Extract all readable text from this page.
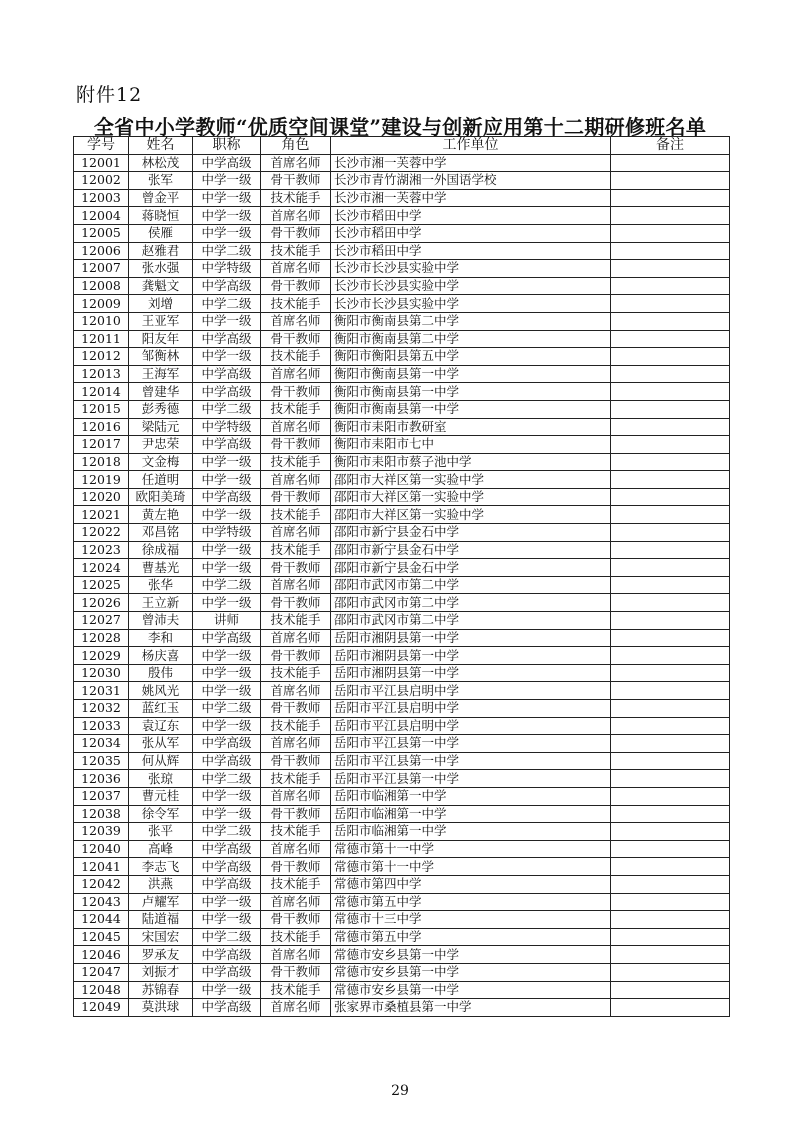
附件12
全省中小学教师“优质空间课堂”建设与创新应用第十二期研修班名单
学号	姓名	职称	角色	工作单位	备注
12001	林松茂	中学高级	首席名师	长沙市湘一芙蓉中学	
12002	张军	中学一级	骨干教师	长沙市青竹湖湘一外国语学校	
12003	曾金平	中学一级	技术能手	长沙市湘一芙蓉中学	
12004	蒋晓恒	中学一级	首席名师	长沙市稻田中学	
12005	侯雁	中学一级	骨干教师	长沙市稻田中学	
12006	赵雅君	中学二级	技术能手	长沙市稻田中学	
12007	张水强	中学特级	首席名师	长沙市长沙县实验中学	
12008	龚魁文	中学高级	骨干教师	长沙市长沙县实验中学	
12009	刘增	中学二级	技术能手	长沙市长沙县实验中学	
12010	王亚军	中学一级	首席名师	衡阳市衡南县第二中学	
12011	阳友年	中学高级	骨干教师	衡阳市衡南县第二中学	
12012	邹衡林	中学一级	技术能手	衡阳市衡阳县第五中学	
12013	王海军	中学高级	首席名师	衡阳市衡南县第一中学	
12014	曾建华	中学高级	骨干教师	衡阳市衡南县第一中学	
12015	彭秀德	中学二级	技术能手	衡阳市衡南县第一中学	
12016	梁陆元	中学特级	首席名师	衡阳市耒阳市教研室	
12017	尹忠荣	中学高级	骨干教师	衡阳市耒阳市七中	
12018	文金梅	中学一级	技术能手	衡阳市耒阳市蔡子池中学	
12019	任道明	中学一级	首席名师	邵阳市大祥区第一实验中学	
12020	欧阳美琦	中学高级	骨干教师	邵阳市大祥区第一实验中学	
12021	黄左艳	中学一级	技术能手	邵阳市大祥区第一实验中学	
12022	邓昌铭	中学特级	首席名师	邵阳市新宁县金石中学	
12023	徐成福	中学一级	技术能手	邵阳市新宁县金石中学	
12024	曹基光	中学一级	骨干教师	邵阳市新宁县金石中学	
12025	张华	中学二级	首席名师	邵阳市武冈市第二中学	
12026	王立新	中学一级	骨干教师	邵阳市武冈市第二中学	
12027	曾沛夫	讲师	技术能手	邵阳市武冈市第二中学	
12028	李和	中学高级	首席名师	岳阳市湘阴县第一中学	
12029	杨庆喜	中学一级	骨干教师	岳阳市湘阴县第一中学	
12030	殷伟	中学一级	技术能手	岳阳市湘阴县第一中学	
12031	姚风光	中学一级	首席名师	岳阳市平江县启明中学	
12032	蓝红玉	中学二级	骨干教师	岳阳市平江县启明中学	
12033	袁辽东	中学一级	技术能手	岳阳市平江县启明中学	
12034	张从军	中学高级	首席名师	岳阳市平江县第一中学	
12035	何从辉	中学高级	骨干教师	岳阳市平江县第一中学	
12036	张琼	中学二级	技术能手	岳阳市平江县第一中学	
12037	曹元桂	中学一级	首席名师	岳阳市临湘第一中学	
12038	徐令军	中学一级	骨干教师	岳阳市临湘第一中学	
12039	张平	中学二级	技术能手	岳阳市临湘第一中学	
12040	高峰	中学高级	首席名师	常德市第十一中学	
12041	李志飞	中学高级	骨干教师	常德市第十一中学	
12042	洪燕	中学高级	技术能手	常德市第四中学	
12043	卢耀军	中学一级	首席名师	常德市第五中学	
12044	陆道福	中学一级	骨干教师	常德市十三中学	
12045	宋国宏	中学二级	技术能手	常德市第五中学	
12046	罗承友	中学高级	首席名师	常德市安乡县第一中学	
12047	刘振才	中学高级	骨干教师	常德市安乡县第一中学	
12048	苏锦春	中学一级	技术能手	常德市安乡县第一中学	
12049	莫洪球	中学高级	首席名师	张家界市桑植县第一中学	
29
